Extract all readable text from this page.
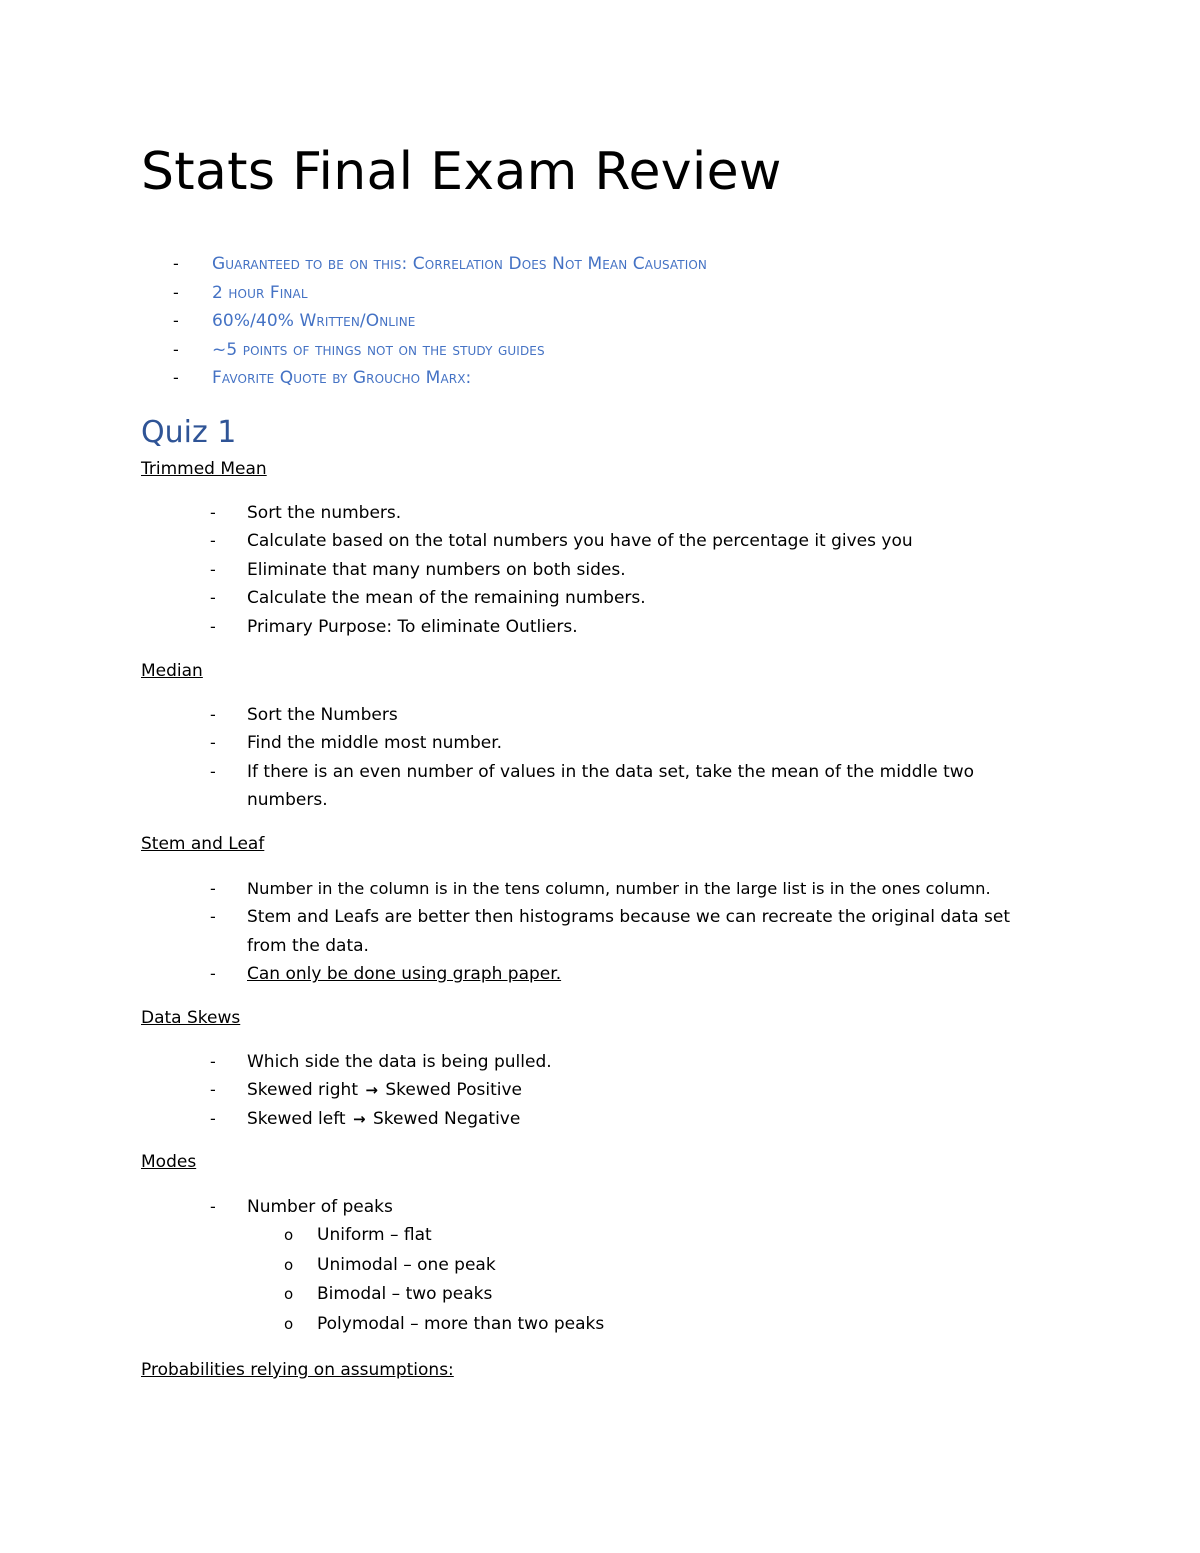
Stats Final Exam Review
- Guaranteed to be on this: Correlation Does Not Mean Causation
- 2 hour Final
- 60%/40% Written/Online
- ~5 points of things not on the study guides
- Favorite Quote by Groucho Marx:
Quiz 1

Trimmed Mean

- Sort the numbers.
- Calculate based on the total numbers you have of the percentage it gives you
- Eliminate that many numbers on both sides.
- Calculate the mean of the remaining numbers.
- Primary Purpose: To eliminate Outliers.

Median

- Sort the Numbers
- Find the middle most number.
- If there is an even number of values in the data set, take the mean of the middle two numbers.

Stem and Leaf

- Number in the column is in the tens column, number in the large list is in the ones column.
- Stem and Leafs are better then histograms because we can recreate the original data set from the data.
- Can only be done using graph paper.

Data Skews

- Which side the data is being pulled.
- Skewed right → Skewed Positive
- Skewed left → Skewed Negative

Modes

- Number of peaks
o Uniform – flat
o Unimodal – one peak
o Bimodal – two peaks
o Polymodal – more than two peaks

Probabilities relying on assumptions:
